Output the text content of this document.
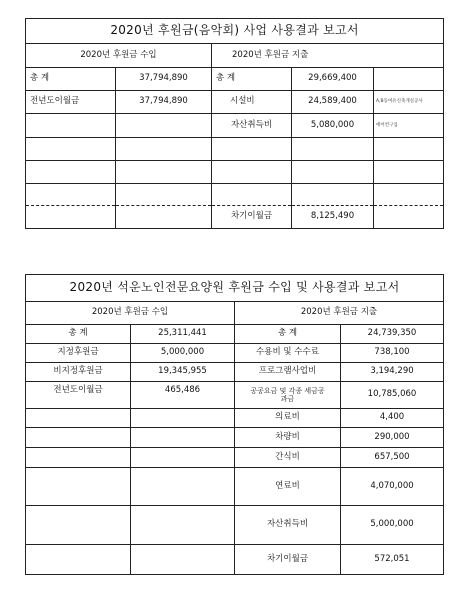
2020년 후원금(음악회) 사업 사용결과 보고서				
2020년 후원금 수입		2020년 후원금 지출		
총 계	37,794,890	총 계	29,669,400	
전년도이월금	37,794,890	시설비	24,589,400	A,B동여유신축게실공사
		자산취득비	5,080,000	에어컨구입

		차기이월금	8,125,490	
2020년 석운노인전문요양원 후원금 수입 및 사용결과 보고서			
2020년 후원금 수입		2020년 후원금 지출	
총 계	25,311,441	총 계	24,739,350
지정후원금	5,000,000	수용비 및 수수료	738,100
비지정후원금	19,345,955	프로그램사업비	3,194,290
전년도이월금	465,486	공공요금 및 각종 세금공과금	10,785,060
		의료비	4,400
		차량비	290,000
		간식비	657,500
		연료비	4,070,000
		자산취득비	5,000,000
		차기이월금	572,051
